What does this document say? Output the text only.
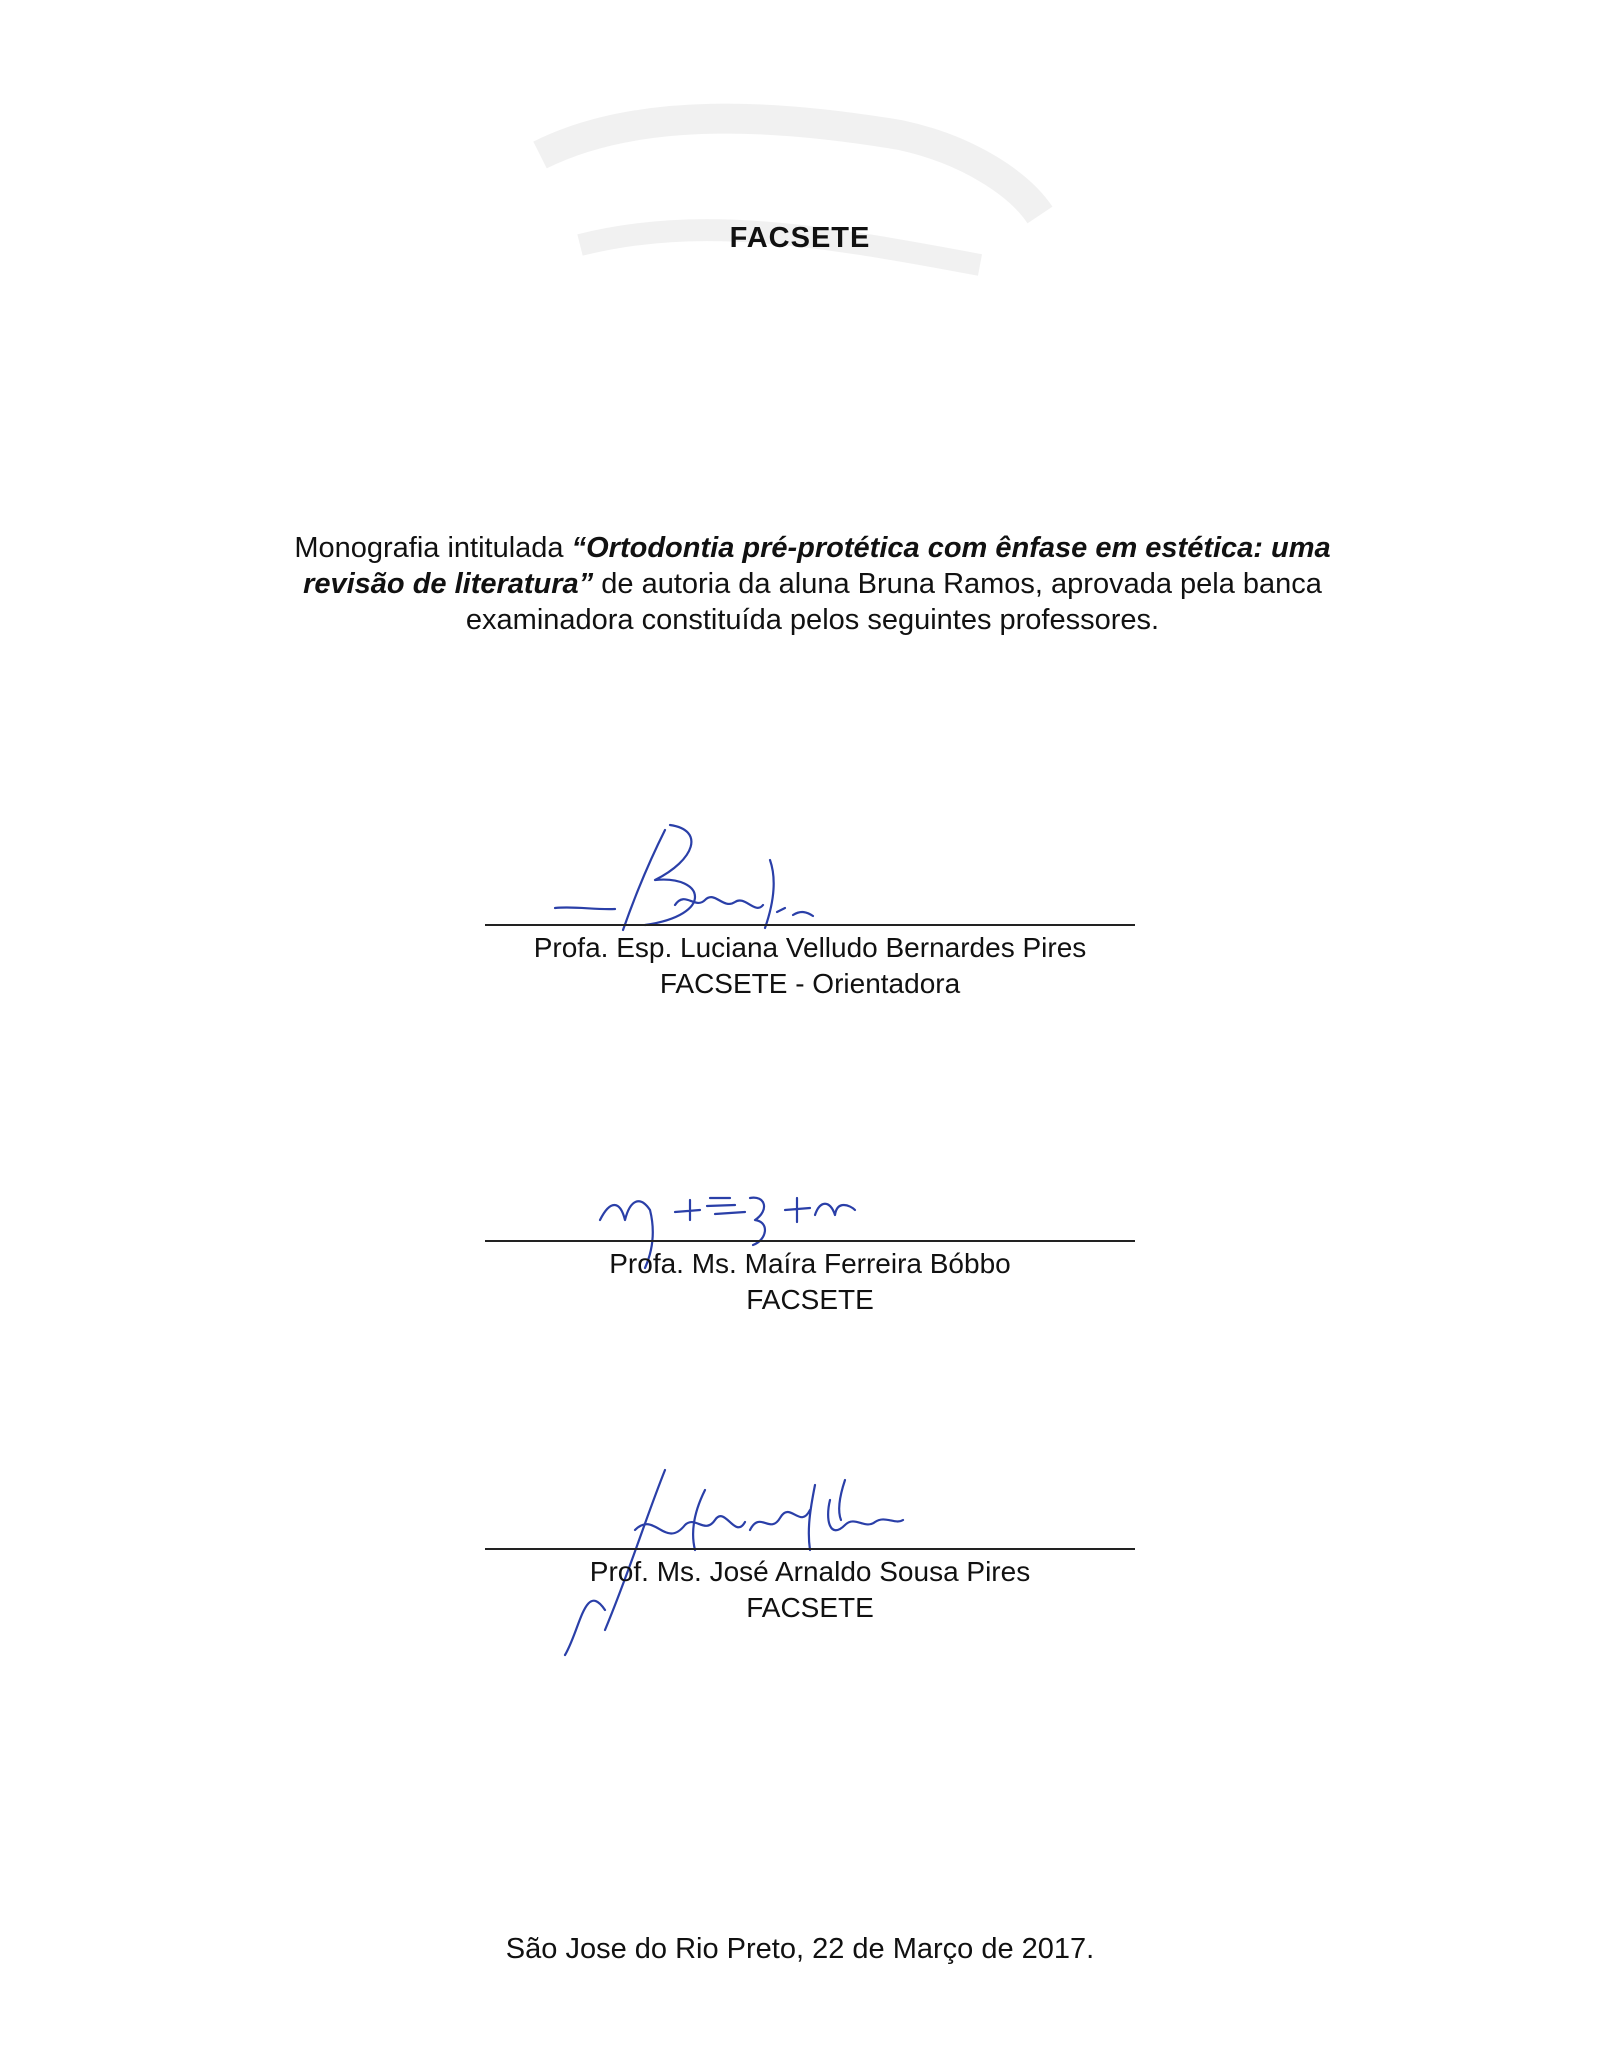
FACSETE
Monografia intitulada “Ortodontia pré-protética com ênfase em estética: uma revisão de literatura” de autoria da aluna Bruna Ramos, aprovada pela banca examinadora constituída pelos seguintes professores.
Profa. Esp. Luciana Velludo Bernardes Pires
FACSETE - Orientadora
Profa. Ms. Maíra Ferreira Bóbbo
FACSETE
Prof. Ms. José Arnaldo Sousa Pires
FACSETE
São Jose do Rio Preto, 22 de Março de 2017.
